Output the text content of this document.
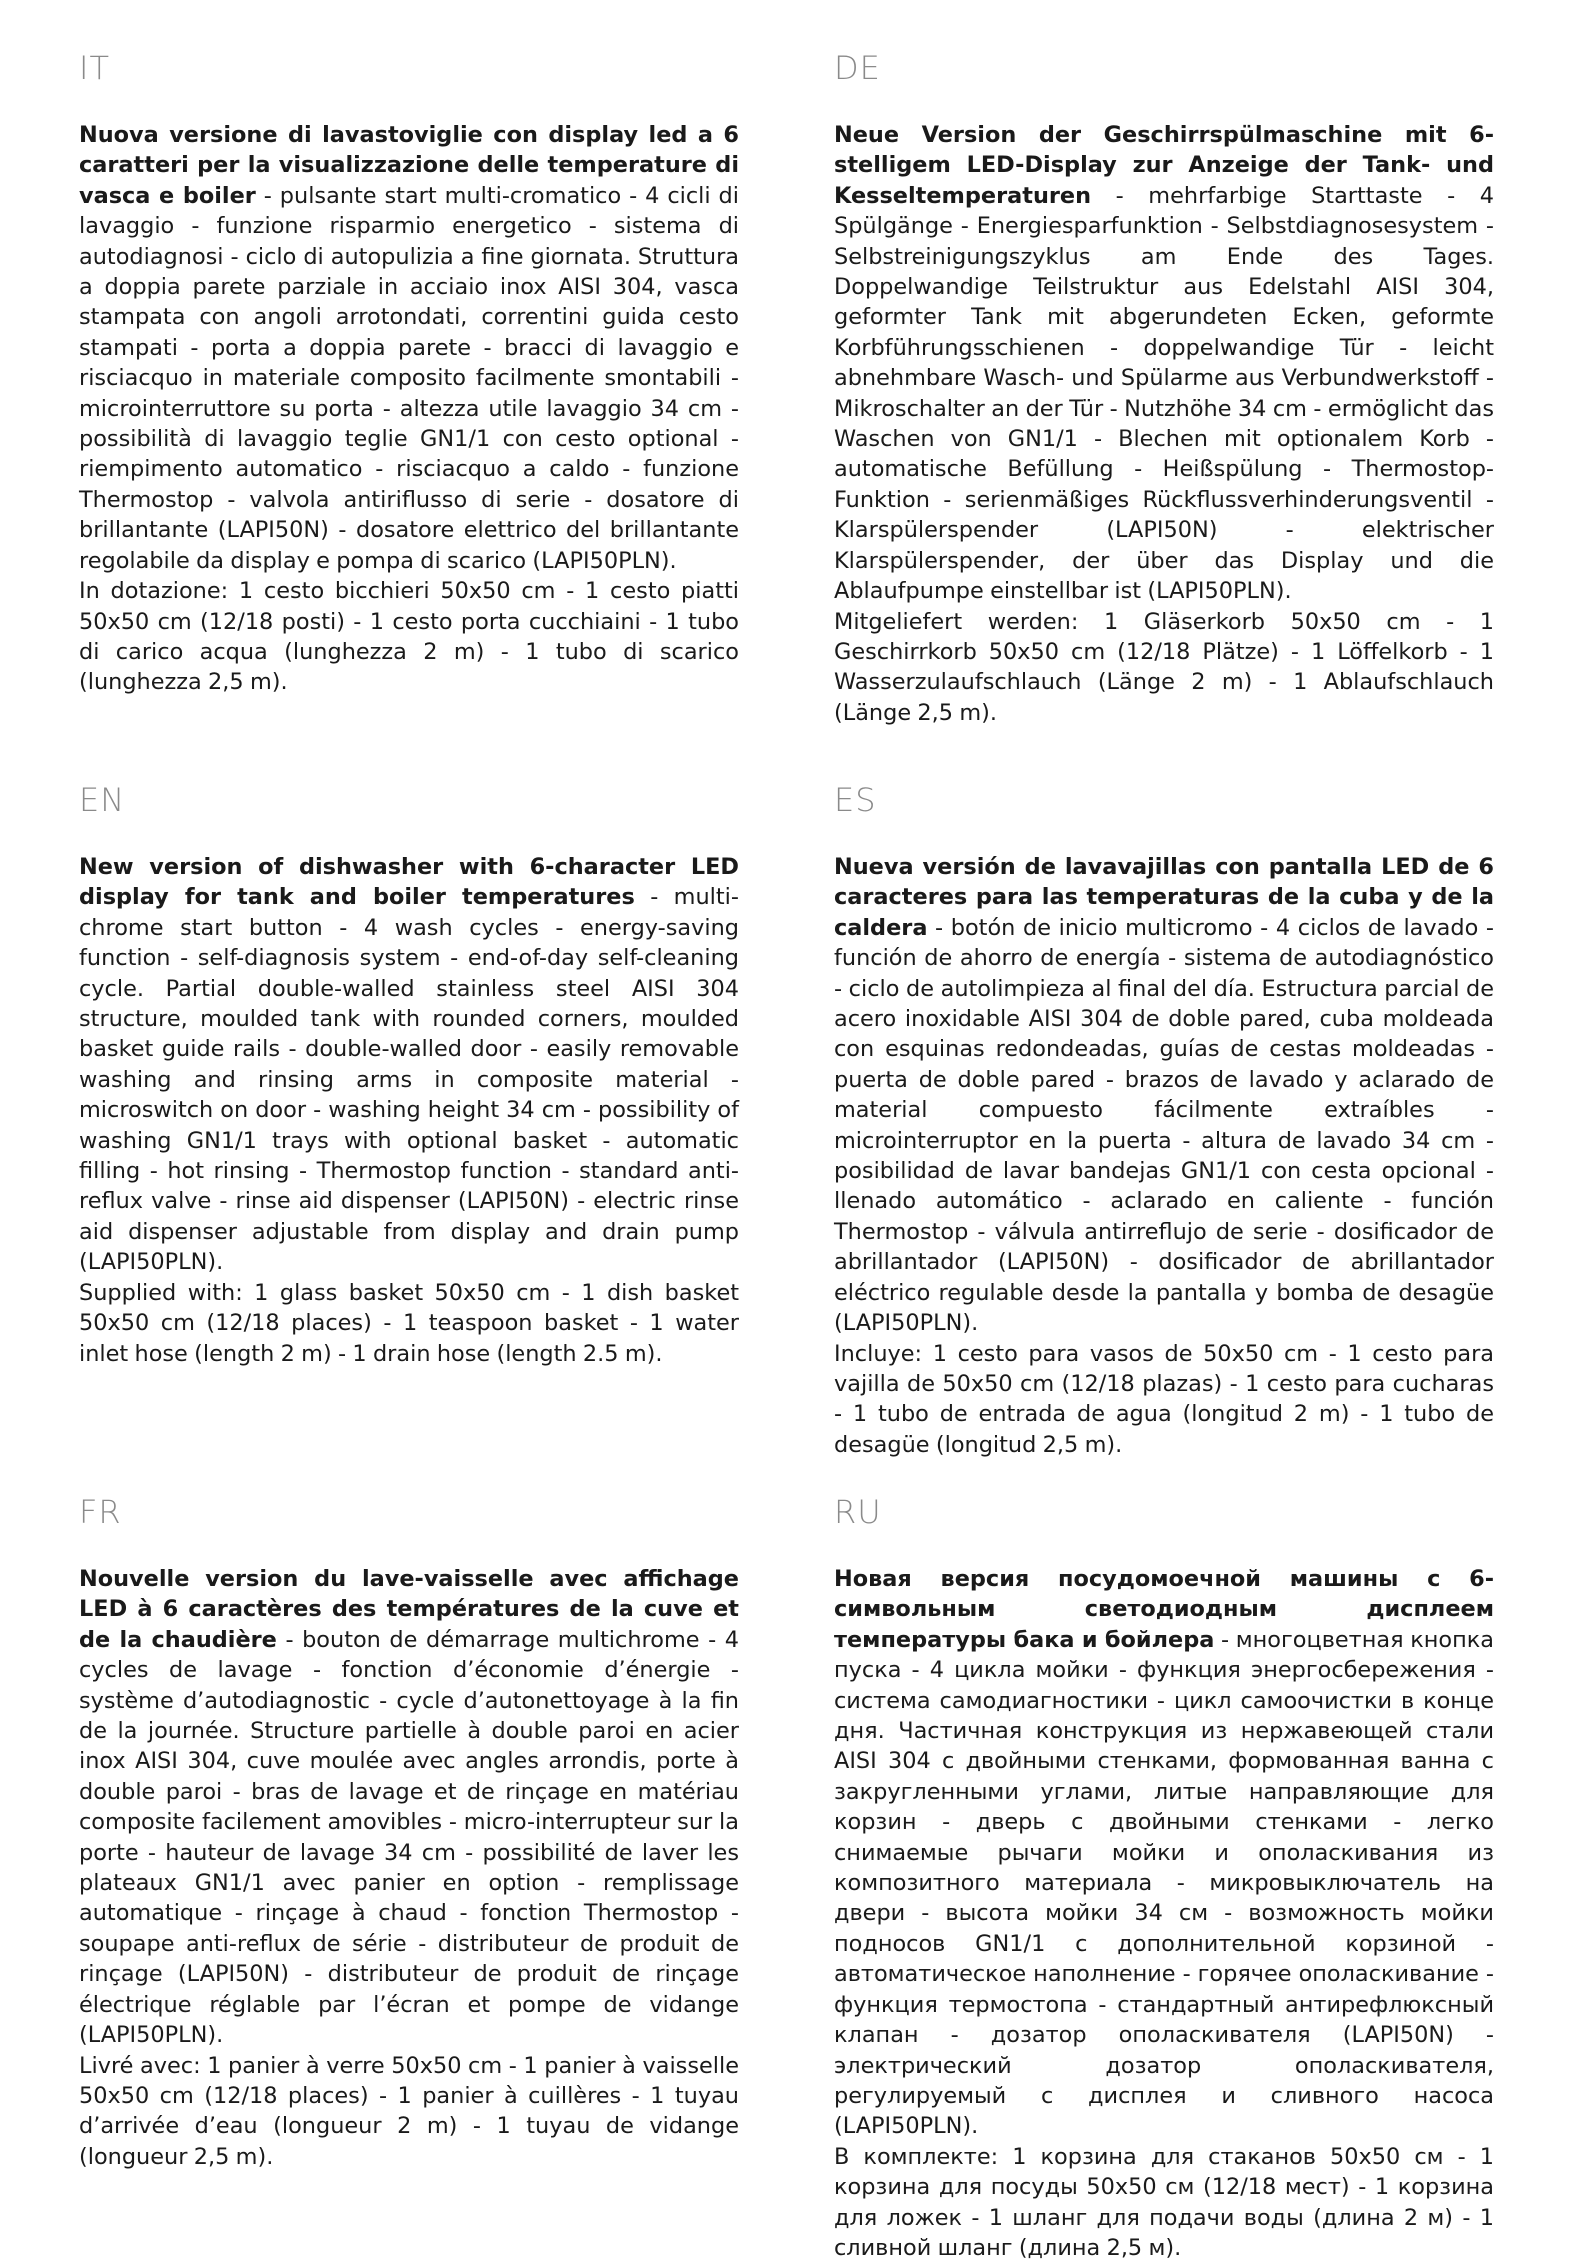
IT

Nuova versione di lavastoviglie con display led a 6 caratteri per la visualizzazione delle temperature di vasca e boiler - pulsante start multi-cromatico - 4 cicli di lavaggio - funzione risparmio energetico - sistema di autodiagnosi - ciclo di autopulizia a fine giornata. Struttura a doppia parete parziale in acciaio inox AISI 304, vasca stampata con angoli arrotondati, correntini guida cesto stampati - porta a doppia parete - bracci di lavaggio e risciacquo in materiale composito facilmente smontabili - microinterruttore su porta - altezza utile lavaggio 34 cm - possibilità di lavaggio teglie GN1/1 con cesto optional - riempimento automatico - risciacquo a caldo - funzione Thermostop - valvola antiriflusso di serie - dosatore di brillantante (LAPI50N) - dosatore elettrico del brillantante regolabile da display e pompa di scarico (LAPI50PLN).

In dotazione: 1 cesto bicchieri 50x50 cm - 1 cesto piatti 50x50 cm (12/18 posti) - 1 cesto porta cucchiaini - 1 tubo di carico acqua (lunghezza 2 m) - 1 tubo di scarico (lunghezza 2,5 m).

DE

Neue Version der Geschirrspülmaschine mit 6-stelligem LED-Display zur Anzeige der Tank- und Kesseltemperaturen - mehrfarbige Starttaste - 4 Spülgänge - Energiesparfunktion - Selbstdiagnosesystem - Selbstreinigungszyklus am Ende des Tages. Doppelwandige Teilstruktur aus Edelstahl AISI 304, geformter Tank mit abgerundeten Ecken, geformte Korbführungsschienen - doppelwandige Tür - leicht abnehmbare Wasch- und Spülarme aus Verbundwerkstoff - Mikroschalter an der Tür - Nutzhöhe 34 cm - ermöglicht das Waschen von GN1/1 - Blechen mit optionalem Korb - automatische Befüllung - Heißspülung - Thermostop-Funktion - serienmäßiges Rückflussverhinderungsventil - Klarspülerspender (LAPI50N) - elektrischer Klarspülerspender, der über das Display und die Ablaufpumpe einstellbar ist (LAPI50PLN).

Mitgeliefert werden: 1 Gläserkorb 50x50 cm - 1 Geschirrkorb 50x50 cm (12/18 Plätze) - 1 Löffelkorb - 1 Wasserzulaufschlauch (Länge 2 m) - 1 Ablaufschlauch (Länge 2,5 m).

EN

New version of dishwasher with 6-character LED display for tank and boiler temperatures - multi-chrome start button - 4 wash cycles - energy-saving function - self-diagnosis system - end-of-day self-cleaning cycle. Partial double-walled stainless steel AISI 304 structure, moulded tank with rounded corners, moulded basket guide rails - double-walled door - easily removable washing and rinsing arms in composite material - microswitch on door - washing height 34 cm - possibility of washing GN1/1 trays with optional basket - automatic filling - hot rinsing - Thermostop function - standard anti-reflux valve - rinse aid dispenser (LAPI50N) - electric rinse aid dispenser adjustable from display and drain pump (LAPI50PLN).

Supplied with: 1 glass basket 50x50 cm - 1 dish basket 50x50 cm (12/18 places) - 1 teaspoon basket - 1 water inlet hose (length 2 m) - 1 drain hose (length 2.5 m).

ES

Nueva versión de lavavajillas con pantalla LED de 6 caracteres para las temperaturas de la cuba y de la caldera - botón de inicio multicromo - 4 ciclos de lavado - función de ahorro de energía - sistema de autodiagnóstico - ciclo de autolimpieza al final del día. Estructura parcial de acero inoxidable AISI 304 de doble pared, cuba moldeada con esquinas redondeadas, guías de cestas moldeadas - puerta de doble pared - brazos de lavado y aclarado de material compuesto fácilmente extraíbles - microinterruptor en la puerta - altura de lavado 34 cm - posibilidad de lavar bandejas GN1/1 con cesta opcional - llenado automático - aclarado en caliente - función Thermostop - válvula antirreflujo de serie - dosificador de abrillantador (LAPI50N) - dosificador de abrillantador eléctrico regulable desde la pantalla y bomba de desagüe (LAPI50PLN).

Incluye: 1 cesto para vasos de 50x50 cm - 1 cesto para vajilla de 50x50 cm (12/18 plazas) - 1 cesto para cucharas - 1 tubo de entrada de agua (longitud 2 m) - 1 tubo de desagüe (longitud 2,5 m).

FR

Nouvelle version du lave-vaisselle avec affichage LED à 6 caractères des températures de la cuve et de la chaudière - bouton de démarrage multichrome - 4 cycles de lavage - fonction d’économie d’énergie - système d’autodiagnostic - cycle d’autonettoyage à la fin de la journée. Structure partielle à double paroi en acier inox AISI 304, cuve moulée avec angles arrondis, porte à double paroi - bras de lavage et de rinçage en matériau composite facilement amovibles - micro-interrupteur sur la porte - hauteur de lavage 34 cm - possibilité de laver les plateaux GN1/1 avec panier en option - remplissage automatique - rinçage à chaud - fonction Thermostop - soupape anti-reflux de série - distributeur de produit de rinçage (LAPI50N) - distributeur de produit de rinçage électrique réglable par l’écran et pompe de vidange (LAPI50PLN).

Livré avec: 1 panier à verre 50x50 cm - 1 panier à vaisselle 50x50 cm (12/18 places) - 1 panier à cuillères - 1 tuyau d’arrivée d’eau (longueur 2 m) - 1 tuyau de vidange (longueur 2,5 m).

RU

Новая версия посудомоечной машины с 6-символьным светодиодным дисплеем температуры бака и бойлера - многоцветная кнопка пуска - 4 цикла мойки - функция энергосбережения - система самодиагностики - цикл самоочистки в конце дня. Частичная конструкция из нержавеющей стали AISI 304 с двойными стенками, формованная ванна с закругленными углами, литые направляющие для корзин - дверь с двойными стенками - легко снимаемые рычаги мойки и ополаскивания из композитного материала - микровыключатель на двери - высота мойки 34 см - возможность мойки подносов GN1/1 с дополнительной корзиной - автоматическое наполнение - горячее ополаскивание - функция термостопа - стандартный антирефлюксный клапан - дозатор ополаскивателя (LAPI50N) - электрический дозатор ополаскивателя, регулируемый с дисплея и сливного насоса (LAPI50PLN).

В комплекте: 1 корзина для стаканов 50x50 см - 1 корзина для посуды 50x50 см (12/18 мест) - 1 корзина для ложек - 1 шланг для подачи воды (длина 2 м) - 1 сливной шланг (длина 2,5 м).
